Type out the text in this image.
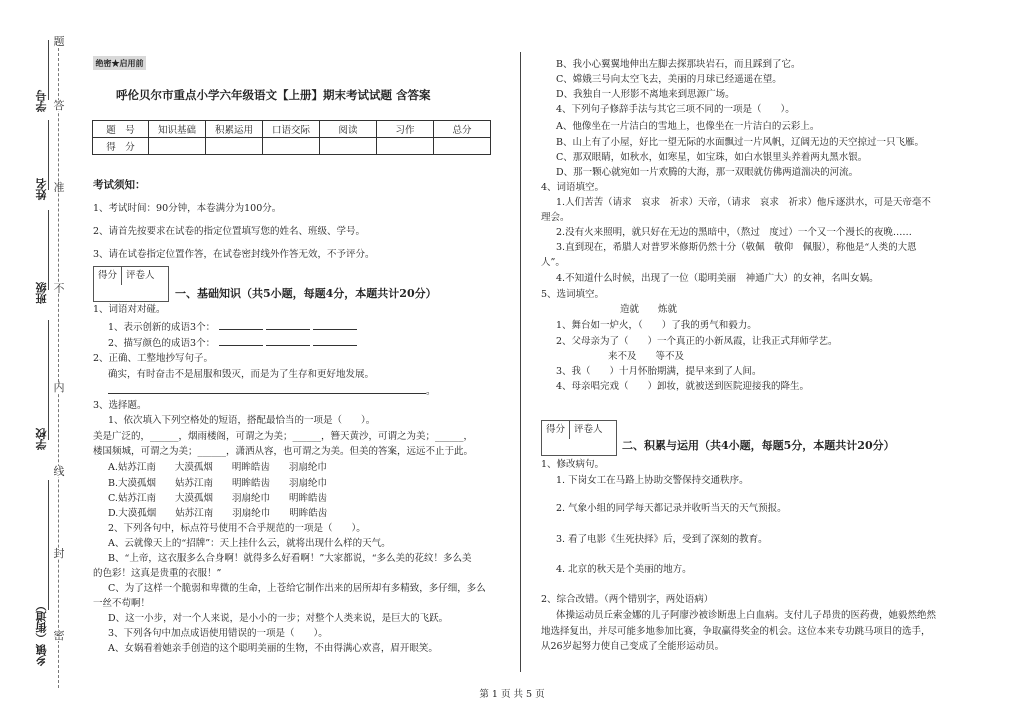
题
答
准
不
内
线
封
密
学号
姓名
班级
学校
乡镇（街道）
绝密★启用前
呼伦贝尔市重点小学六年级语文【上册】期末考试试题 含答案
题　号	知识基础	积累运用	口语交际	阅读	习作	总分
得　分						
考试须知：
1、考试时间：90分钟，本卷满分为100分。
2、请首先按要求在试卷的指定位置填写您的姓名、班级、学号。
3、请在试卷指定位置作答，在试卷密封线外作答无效，不予评分。
得分 评卷人
一、基础知识（共5小题，每题4分，本题共计20分）
1、词语对对碰。
1、表示创新的成语3个：
2、描写颜色的成语3个：
2、正确、工整地抄写句子。
确实，有时奋击不是屈服和毁灭，而是为了生存和更好地发展。
。
3、选择题。
1、依次填入下列空格处的短语，搭配最恰当的一项是（　　）。
美是广泛的，______，烟雨楼阁，可谓之为美；______，簪天黄沙，可谓之为美；______，
楼国频城，可谓之为美；______，潇洒从容，也可谓之为美。但美的答案，远远不止于此。
A.姑苏江南　　大漠孤烟　　明眸皓齿　　羽扇纶巾
B.大漠孤烟　　姑苏江南　　明眸皓齿　　羽扇纶巾
C.姑苏江南　　大漠孤烟　　羽扇纶巾　　明眸皓齿
D.大漠孤烟　　姑苏江南　　羽扇纶巾　　明眸皓齿
2、下列各句中，标点符号使用不合乎规范的一项是（　　）。
A、云就像天上的“招牌”：天上挂什么云，就将出现什么样的天气。
B、“上帝，这衣服多么合身啊！就得多么好看啊！”大家都说，“多么美的花纹！多么美
的色彩！这真是贵重的衣服！”
C、为了这样一个脆弱和卑微的生命，上苍给它制作出来的居所却有多精致，多仔细，多么
一丝不苟啊！
D、这一小步，对一个人来说，是小小的一步；对整个人类来说，是巨大的飞跃。
3、下列各句中加点成语使用错误的一项是（　　）。
A、女娲看着她亲手创造的这个聪明美丽的生物，不由得满心欢喜，眉开眼笑。
B、我小心翼翼地伸出左脚去探那块岩石，而且踩到了它。
C、嫦娥三号向太空飞去，美丽的月球已经遥遥在望。
D、我独自一人形影不离地来到思源广场。
4、下列句子修辞手法与其它三项不同的一项是（　　）。
A、他像坐在一片洁白的雪地上，也像坐在一片洁白的云彩上。
B、山上有了小屋，好比一望无际的水面飘过一片风帆，辽阔无边的天空掠过一只飞雁。
C、那双眼睛，如秋水，如寒星，如宝珠，如白水银里头养着两丸黑水银。
D、那一颗心就宛如一片欢腾的大海，那一双眼就仿佛两道湍决的河流。
4、词语填空。
1.人们苦苦（请求　哀求　祈求）天帝，（请求　哀求　祈求）他斥逐洪水，可是天帝毫不
理会。
2.没有火来照明，就只好在无边的黑暗中，（熬过　度过）一个又一个漫长的夜晚……
3.直到现在，希腊人对普罗米修斯仍然十分（敬佩　敬仰　佩服），称他是“人类的大恩
人”。
4.不知道什么时候，出现了一位（聪明美丽　神通广大）的女神，名叫女娲。
5、选词填空。
造就　　炼就
1、舞台如一炉火，（　　）了我的勇气和毅力。
2、父母亲为了（　　）一个真正的小新凤霞，让我正式拜师学艺。
来不及　　等不及
3、我（　　）十月怀胎期满，提早来到了人间。
4、母亲唱完戏（　　）卸妆，就被送到医院迎接我的降生。
得分 评卷人
二、积累与运用（共4小题，每题5分，本题共计20分）
1、修改病句。
1. 下岗女工在马路上协助交警保持交通秩序。
2. 气象小组的同学每天都记录并收听当天的天气预报。
3. 看了电影《生死抉择》后，受到了深刻的教育。
4. 北京的秋天是个美丽的地方。
2、综合改错。（两个错别字，两处语病）
体操运动员丘索金娜的儿子阿廖沙被诊断患上白血病。支付儿子昂贵的医药费，她毅然绝然
地选择复出，并尽可能多地参加比赛，争取赢得奖金的机会。这位本来专功跳马项目的选手，
从26岁起努力使自己变成了全能形运动员。
第 1 页 共 5 页
